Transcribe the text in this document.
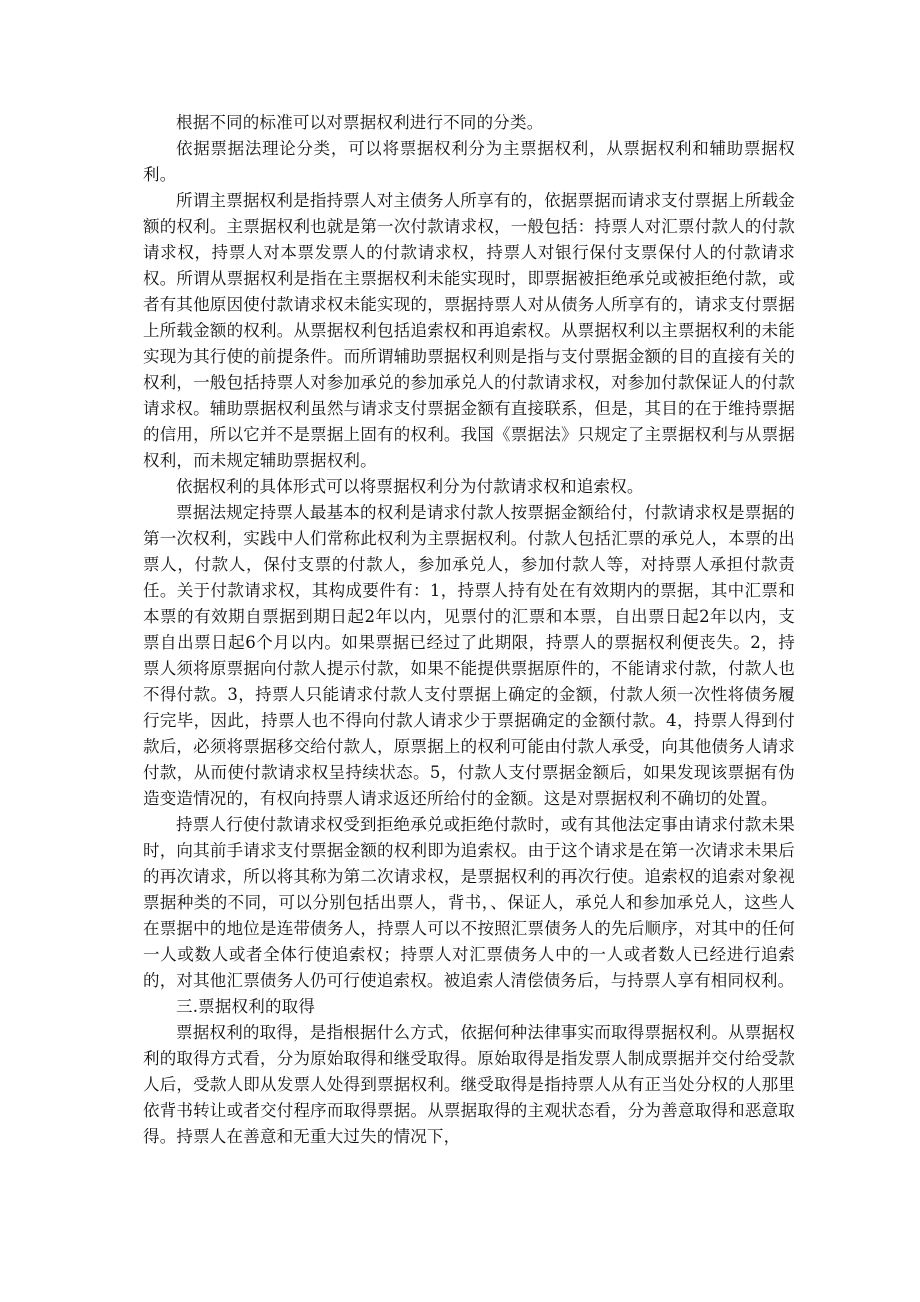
根据不同的标准可以对票据权利进行不同的分类。

依据票据法理论分类，可以将票据权利分为主票据权利，从票据权利和辅助票据权利。

所谓主票据权利是指持票人对主债务人所享有的，依据票据而请求支付票据上所载金额的权利。主票据权利也就是第一次付款请求权，一般包括：持票人对汇票付款人的付款请求权，持票人对本票发票人的付款请求权，持票人对银行保付支票保付人的付款请求权。所谓从票据权利是指在主票据权利未能实现时，即票据被拒绝承兑或被拒绝付款，或者有其他原因使付款请求权未能实现的，票据持票人对从债务人所享有的，请求支付票据上所载金额的权利。从票据权利包括追索权和再追索权。从票据权利以主票据权利的未能实现为其行使的前提条件。而所谓辅助票据权利则是指与支付票据金额的目的直接有关的权利，一般包括持票人对参加承兑的参加承兑人的付款请求权，对参加付款保证人的付款请求权。辅助票据权利虽然与请求支付票据金额有直接联系，但是，其目的在于维持票据的信用，所以它并不是票据上固有的权利。我国《票据法》只规定了主票据权利与从票据权利，而未规定辅助票据权利。

依据权利的具体形式可以将票据权利分为付款请求权和追索权。

票据法规定持票人最基本的权利是请求付款人按票据金额给付，付款请求权是票据的第一次权利，实践中人们常称此权利为主票据权利。付款人包括汇票的承兑人，本票的出票人，付款人，保付支票的付款人，参加承兑人，参加付款人等，对持票人承担付款责任。关于付款请求权，其构成要件有：1，持票人持有处在有效期内的票据，其中汇票和本票的有效期自票据到期日起2年以内，见票付的汇票和本票，自出票日起2年以内，支票自出票日起6个月以内。如果票据已经过了此期限，持票人的票据权利便丧失。2，持票人须将原票据向付款人提示付款，如果不能提供票据原件的，不能请求付款，付款人也不得付款。3，持票人只能请求付款人支付票据上确定的金额，付款人须一次性将债务履行完毕，因此，持票人也不得向付款人请求少于票据确定的金额付款。4，持票人得到付款后，必须将票据移交给付款人，原票据上的权利可能由付款人承受，向其他债务人请求付款，从而使付款请求权呈持续状态。5，付款人支付票据金额后，如果发现该票据有伪造变造情况的，有权向持票人请求返还所给付的金额。这是对票据权利不确切的处置。

持票人行使付款请求权受到拒绝承兑或拒绝付款时，或有其他法定事由请求付款未果时，向其前手请求支付票据金额的权利即为追索权。由于这个请求是在第一次请求未果后的再次请求，所以将其称为第二次请求权，是票据权利的再次行使。追索权的追索对象视票据种类的不同，可以分别包括出票人，背书，、保证人，承兑人和参加承兑人，这些人在票据中的地位是连带债务人，持票人可以不按照汇票债务人的先后顺序，对其中的任何一人或数人或者全体行使追索权；持票人对汇票债务人中的一人或者数人已经进行追索的，对其他汇票债务人仍可行使追索权。被追索人清偿债务后，与持票人享有相同权利。

三.票据权利的取得

票据权利的取得，是指根据什么方式，依据何种法律事实而取得票据权利。从票据权利的取得方式看，分为原始取得和继受取得。原始取得是指发票人制成票据并交付给受款人后，受款人即从发票人处得到票据权利。继受取得是指持票人从有正当处分权的人那里依背书转让或者交付程序而取得票据。从票据取得的主观状态看，分为善意取得和恶意取得。持票人在善意和无重大过失的情况下，
